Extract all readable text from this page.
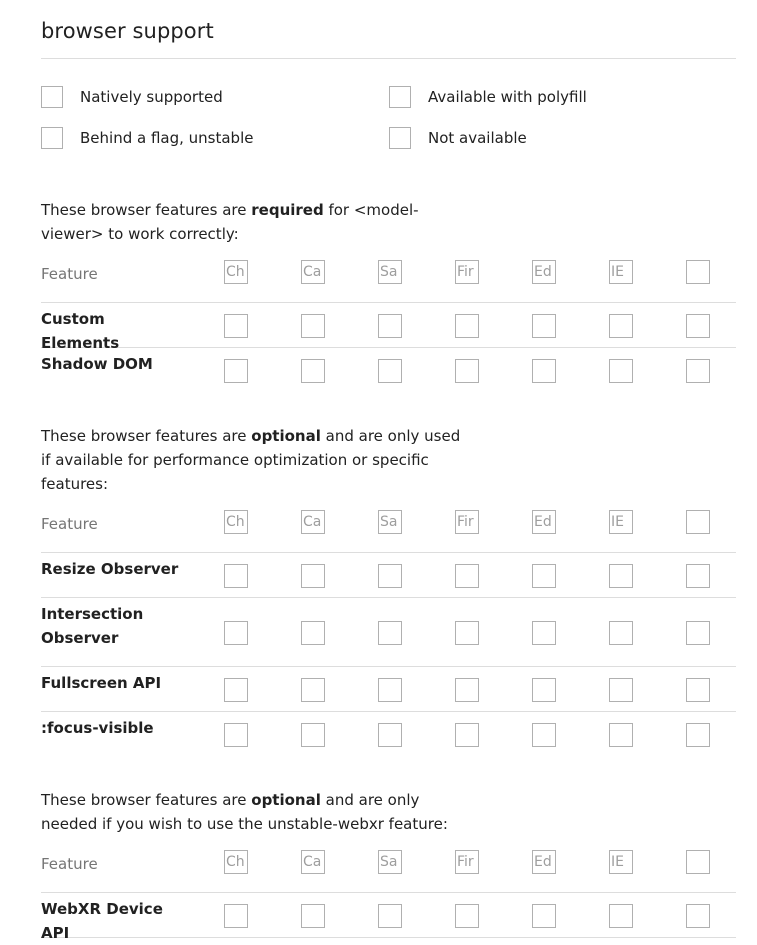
browser support
Natively supported	Available with polyfill
Behind a flag, unstable	Not available

These browser features are required for <model-viewer> to work correctly:

Feature	Ch	Ca	Sa	Fir	Ed	IE
Custom Elements
Shadow DOM

These browser features are optional and are only used if available for performance optimization or specific features:

Feature	Ch	Ca	Sa	Fir	Ed	IE
Resize Observer
Intersection Observer
Fullscreen API
:focus-visible

These browser features are optional and are only needed if you wish to use the unstable-webxr feature:

Feature	Ch	Ca	Sa	Fir	Ed	IE
WebXR Device API
